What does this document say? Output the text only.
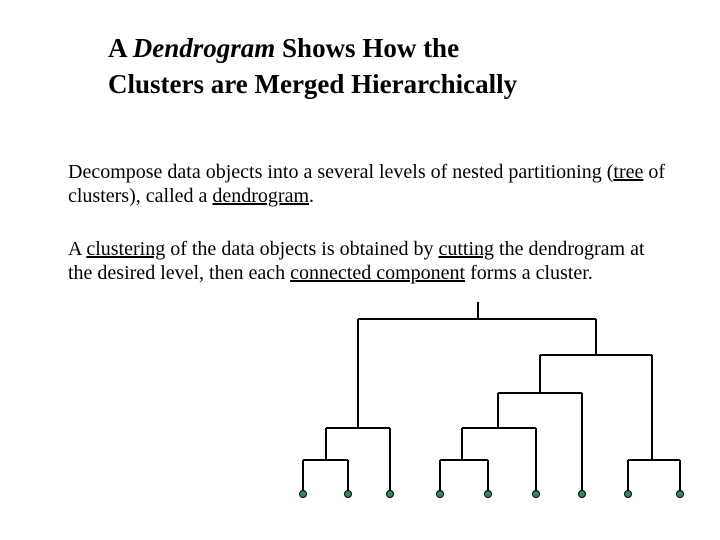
A Dendrogram Shows How the
Clusters are Merged Hierarchically

Decompose data objects into a several levels of nested partitioning (tree of clusters), called a dendrogram.

A clustering of the data objects is obtained by cutting the dendrogram at the desired level, then each connected component forms a cluster.
